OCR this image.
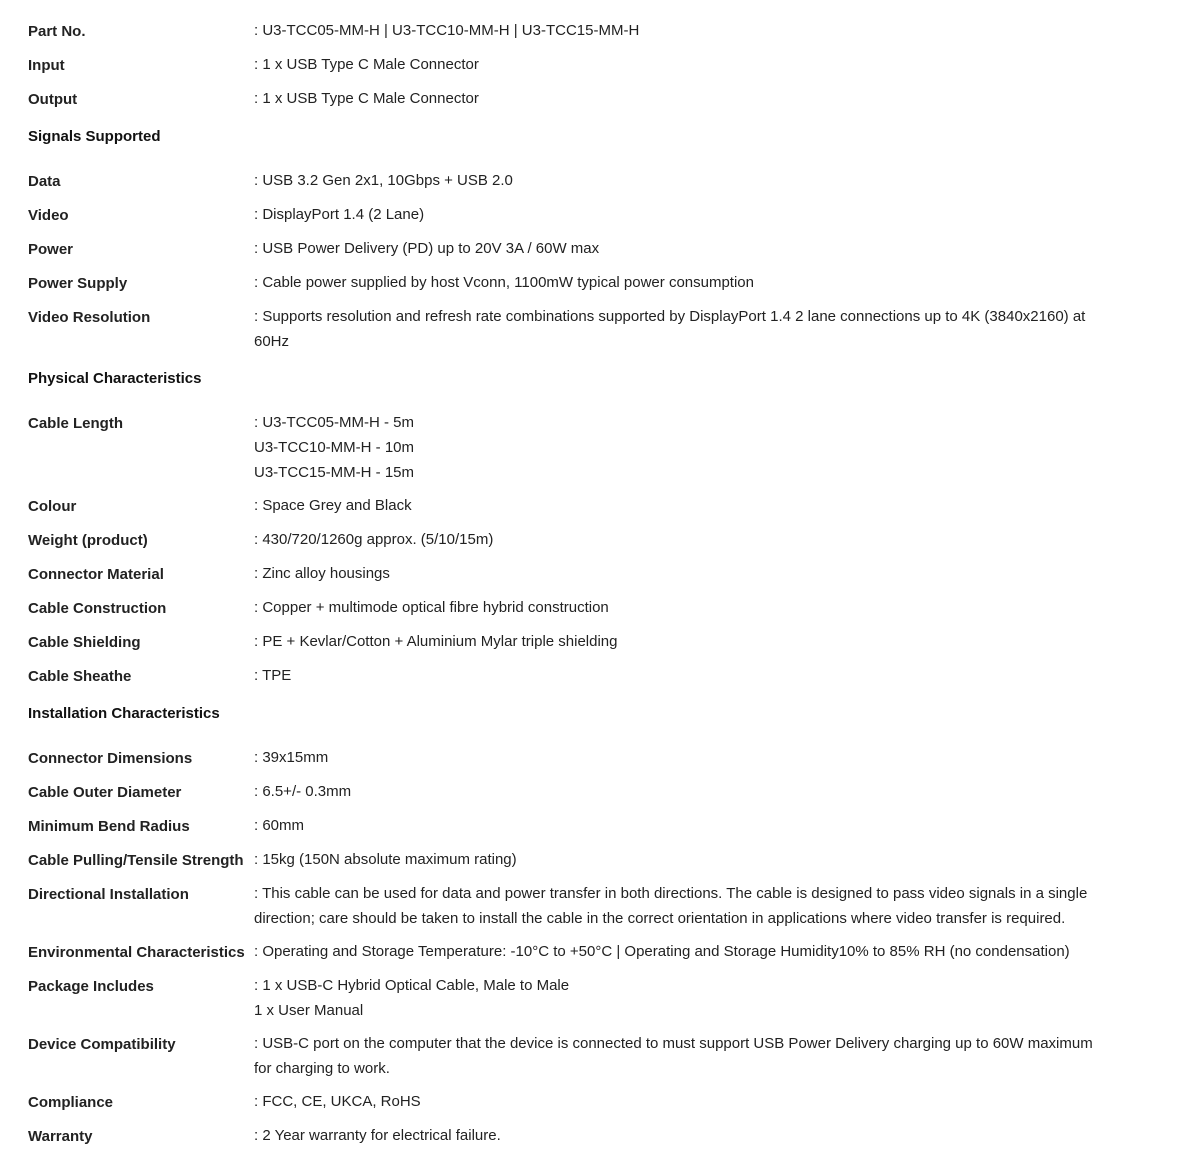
Part No.	: U3-TCC05-MM-H | U3-TCC10-MM-H | U3-TCC15-MM-H
Input	: 1 x USB Type C Male Connector
Output	: 1 x USB Type C Male Connector
Signals Supported	
Data	: USB 3.2 Gen 2x1, 10Gbps + USB 2.0
Video	: DisplayPort 1.4 (2 Lane)
Power	: USB Power Delivery (PD) up to 20V 3A / 60W max
Power Supply	: Cable power supplied by host Vconn, 1100mW typical power consumption
Video Resolution	: Supports resolution and refresh rate combinations supported by DisplayPort 1.4 2 lane connections up to 4K (3840x2160) at
60Hz

Physical Characteristics	
Cable Length	: U3-TCC05-MM-H - 5m
U3-TCC10-MM-H - 10m
U3-TCC15-MM-H - 15m

Colour	: Space Grey and Black
Weight (product)	: 430/720/1260g approx. (5/10/15m)
Connector Material	: Zinc alloy housings
Cable Construction	: Copper + multimode optical fibre hybrid construction
Cable Shielding	: PE + Kevlar/Cotton + Aluminium Mylar triple shielding
Cable Sheathe	: TPE
Installation Characteristics	
Connector Dimensions	: 39x15mm
Cable Outer Diameter	: 6.5+/- 0.3mm
Minimum Bend Radius	: 60mm
Cable Pulling/Tensile Strength	: 15kg (150N absolute maximum rating)
Directional Installation	: This cable can be used for data and power transfer in both directions. The cable is designed to pass video signals in a single
direction; care should be taken to install the cable in the correct orientation in applications where video transfer is required.

Environmental Characteristics	: Operating and Storage Temperature: -10°C to +50°C | Operating and Storage Humidity10% to 85% RH (no condensation)
Package Includes	: 1 x USB-C Hybrid Optical Cable, Male to Male
1 x User Manual

Device Compatibility	: USB-C port on the computer that the device is connected to must support USB Power Delivery charging up to 60W maximum
for charging to work.

Compliance	: FCC, CE, UKCA, RoHS
Warranty	: 2 Year warranty for electrical failure.
